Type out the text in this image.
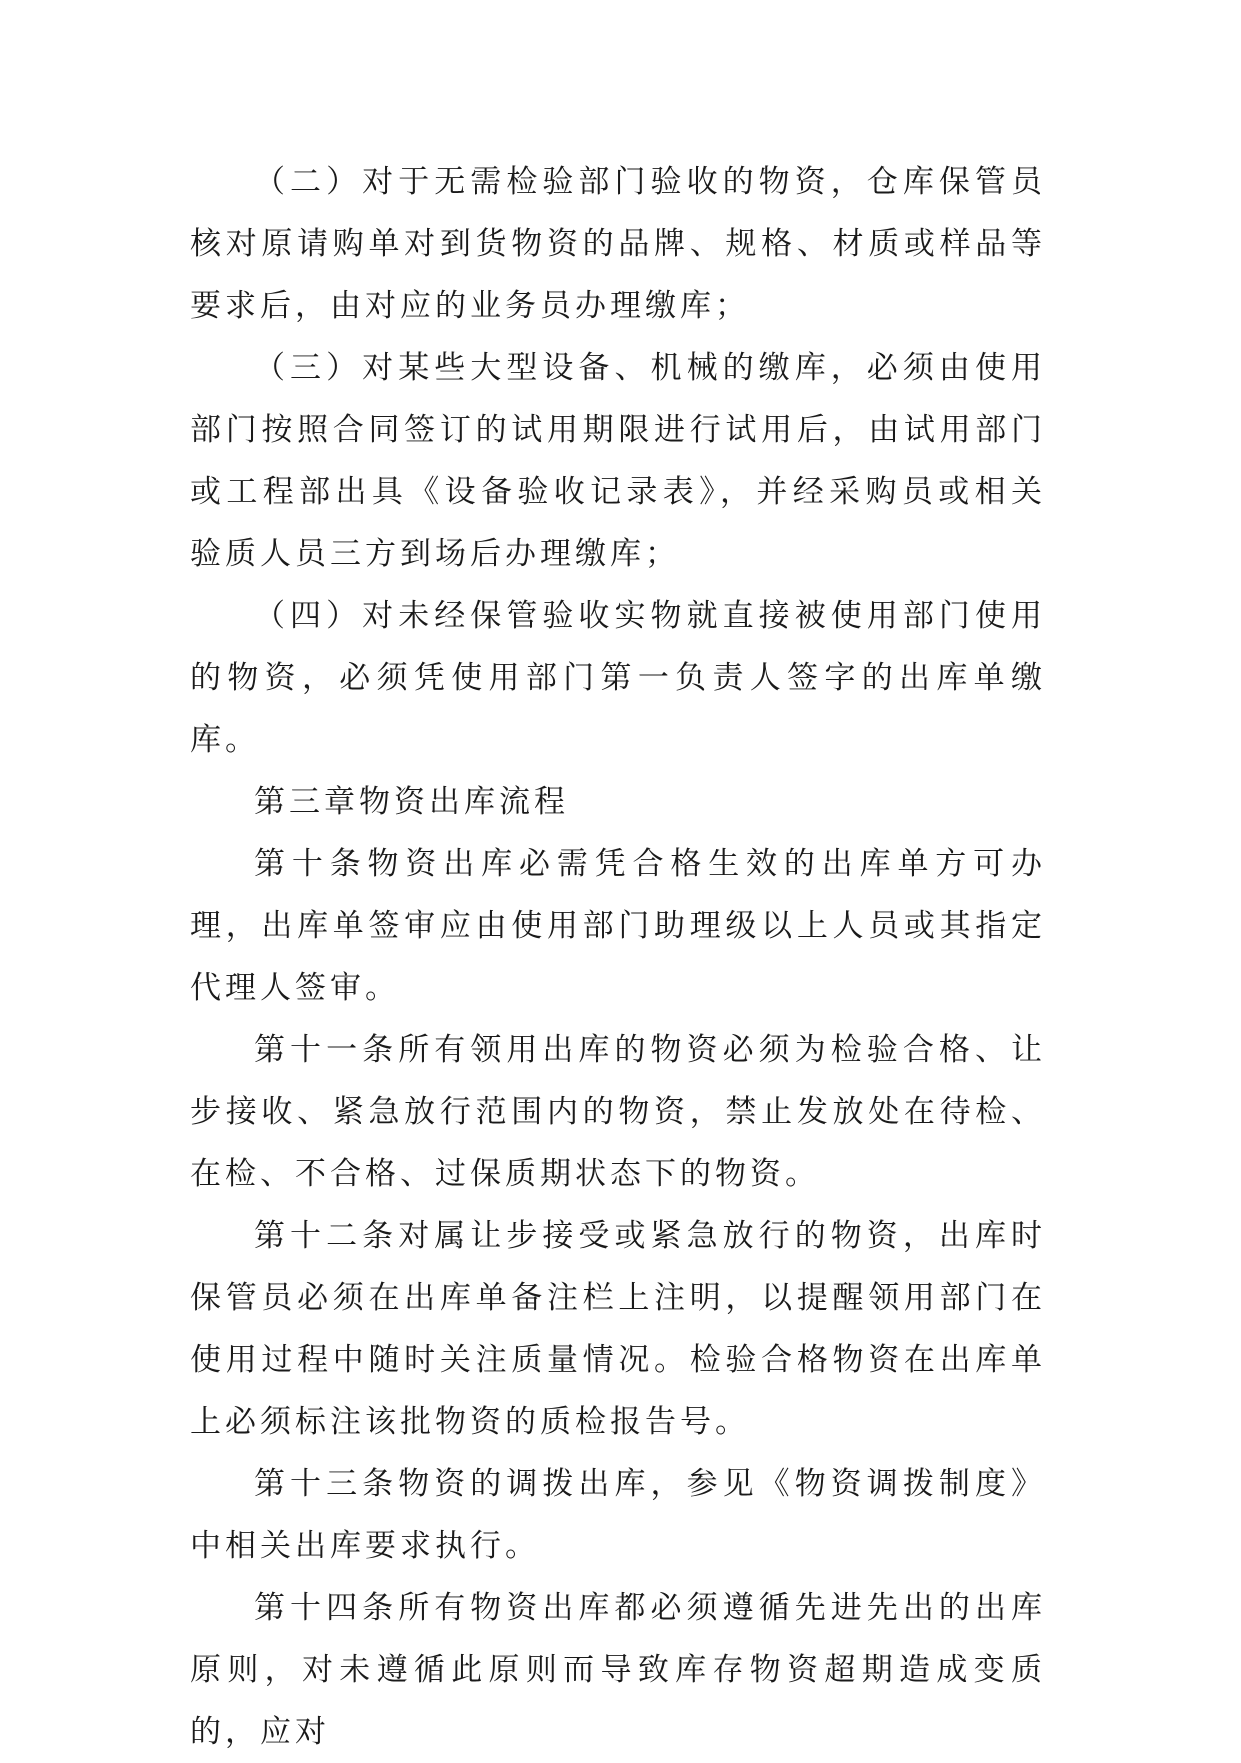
（二）对于无需检验部门验收的物资，仓库保管员核对原请购单对到货物资的品牌、规格、材质或样品等要求后，由对应的业务员办理缴库；

（三）对某些大型设备、机械的缴库，必须由使用部门按照合同签订的试用期限进行试用后，由试用部门或工程部出具《设备验收记录表》，并经采购员或相关验质人员三方到场后办理缴库；

（四）对未经保管验收实物就直接被使用部门使用的物资，必须凭使用部门第一负责人签字的出库单缴库。

第三章物资出库流程

第十条物资出库必需凭合格生效的出库单方可办理，出库单签审应由使用部门助理级以上人员或其指定代理人签审。

第十一条所有领用出库的物资必须为检验合格、让步接收、紧急放行范围内的物资，禁止发放处在待检、在检、不合格、过保质期状态下的物资。

第十二条对属让步接受或紧急放行的物资，出库时保管员必须在出库单备注栏上注明，以提醒领用部门在使用过程中随时关注质量情况。检验合格物资在出库单上必须标注该批物资的质检报告号。

第十三条物资的调拨出库，参见《物资调拨制度》中相关出库要求执行。

第十四条所有物资出库都必须遵循先进先出的出库原则，对未遵循此原则而导致库存物资超期造成变质的，应对
